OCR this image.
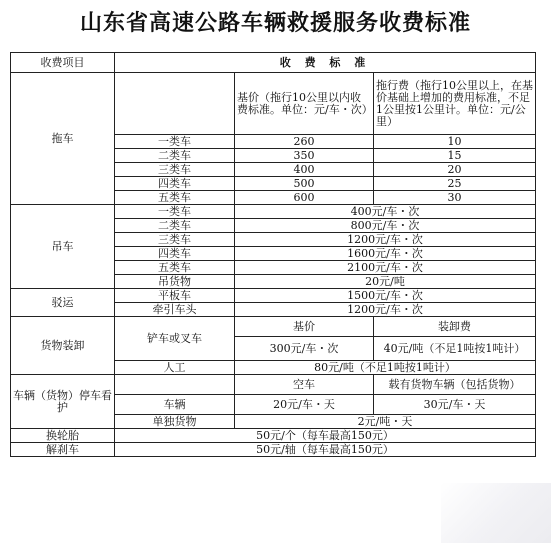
山东省高速公路车辆救援服务收费标准
收费项目	收 费 标 准		
拖车		基价（拖行10公里以内收费标准。单位：元/车・次）	拖行费（拖行10公里以上，在基价基础上增加的费用标准，不足1公里按1公里计。单位：元/公里）
	一类车	260	10
	二类车	350	15
	三类车	400	20
	四类车	500	25
	五类车	600	30
吊车	一类车	400元/车・次	
	二类车	800元/车・次	
	三类车	1200元/车・次	
	四类车	1600元/车・次	
	五类车	2100元/车・次	
	吊货物	20元/吨	
驳运	平板车	1500元/车・次	
	牵引车头	1200元/车・次	
货物装卸	铲车或叉车	基价	装卸费
		300元/车・次	40元/吨（不足1吨按1吨计）
	人工	80元/吨（不足1吨按1吨计）	
车辆（货物）停车看护		空车	载有货物车辆（包括货物）
	车辆	20元/车・天	30元/车・天
	单独货物	2元/吨・天	
换轮胎	50元/个（每车最高150元）		
解刹车	50元/轴（每车最高150元）		
